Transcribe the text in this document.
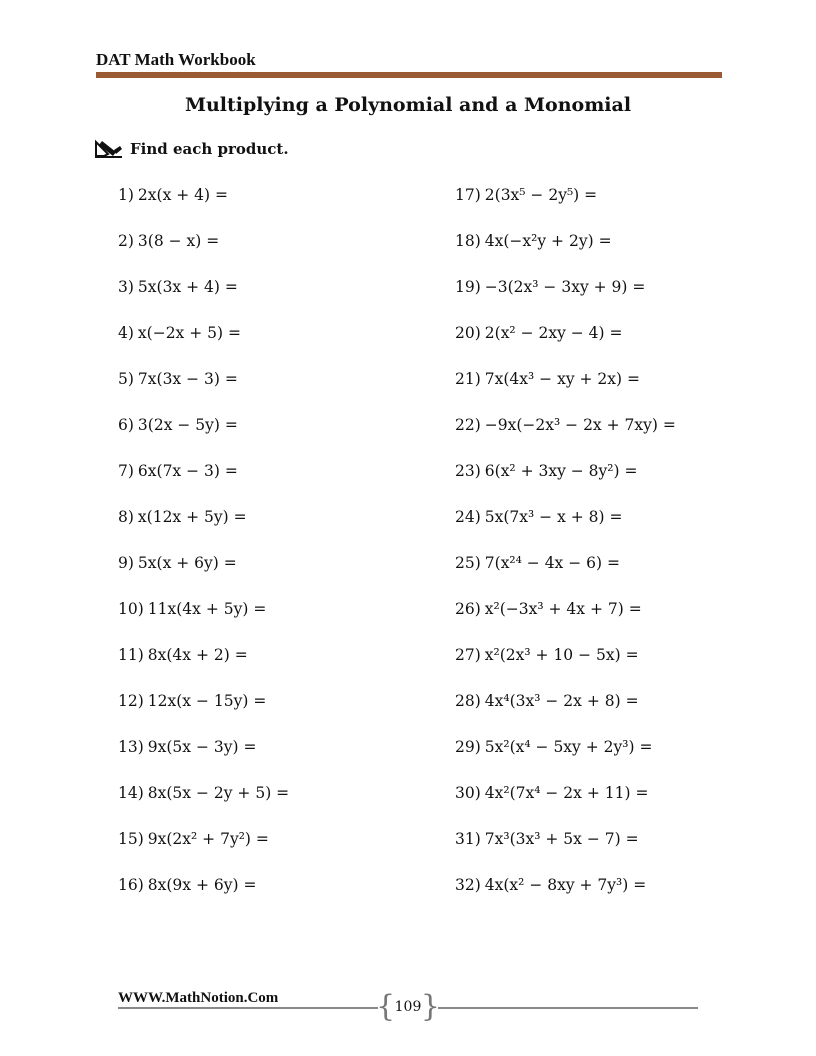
DAT Math Workbook
Multiplying a Polynomial and a Monomial
Find each product.
1) 2x(x + 4) =
2) 3(8 − x) =
3) 5x(3x + 4) =
4) x(−2x + 5) =
5) 7x(3x − 3) =
6) 3(2x − 5y) =
7) 6x(7x − 3) =
8) x(12x + 5y) =
9) 5x(x + 6y) =
10) 11x(4x + 5y) =
11) 8x(4x + 2) =
12) 12x(x − 15y) =
13) 9x(5x − 3y) =
14) 8x(5x − 2y + 5) =
15) 9x(2x² + 7y²) =
16) 8x(9x + 6y) =
17) 2(3x⁵ − 2y⁵) =
18) 4x(−x²y + 2y) =
19) −3(2x³ − 3xy + 9) =
20) 2(x² − 2xy − 4) =
21) 7x(4x³ − xy + 2x) =
22) −9x(−2x³ − 2x + 7xy) =
23) 6(x² + 3xy − 8y²) =
24) 5x(7x³ − x + 8) =
25) 7(x²⁴ − 4x − 6) =
26) x²(−3x³ + 4x + 7) =
27) x²(2x³ + 10 − 5x) =
28) 4x⁴(3x³ − 2x + 8) =
29) 5x²(x⁴ − 5xy + 2y³) =
30) 4x²(7x⁴ − 2x + 11) =
31) 7x³(3x³ + 5x − 7) =
32) 4x(x² − 8xy + 7y³) =
WWW.MathNotion.Com	{ 109 }
